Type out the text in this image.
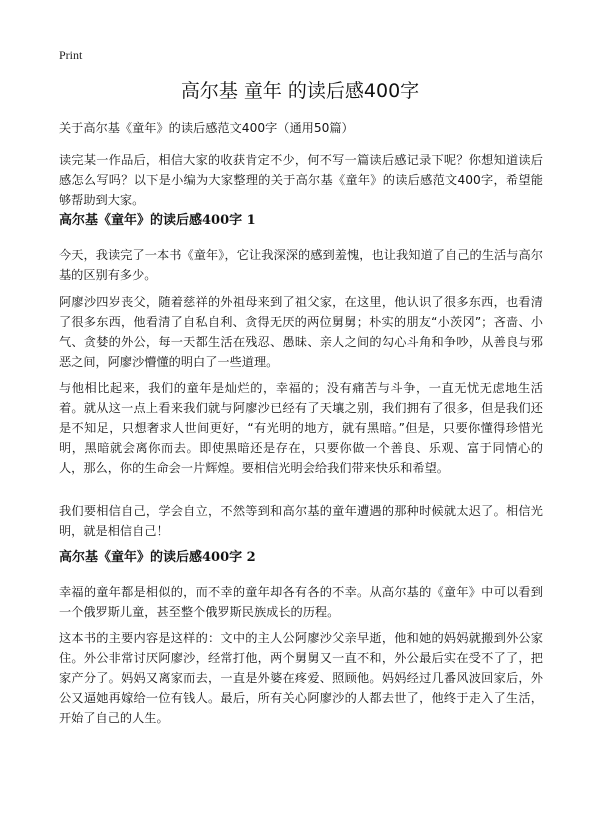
Print
高尔基 童年 的读后感400字

关于高尔基《童年》的读后感范文400字（通用50篇）

读完某一作品后，相信大家的收获肯定不少，何不写一篇读后感记录下呢？你想知道读后感怎么写吗？以下是小编为大家整理的关于高尔基《童年》的读后感范文400字，希望能够帮助到大家。

高尔基《童年》的读后感400字 1

今天，我读完了一本书《童年》，它让我深深的感到羞愧，也让我知道了自己的生活与高尔基的区别有多少。

阿廖沙四岁丧父，随着慈祥的外祖母来到了祖父家，在这里，他认识了很多东西，也看清了很多东西，他看清了自私自利、贪得无厌的两位舅舅；朴实的朋友“小茨冈”；吝啬、小气、贪婪的外公，每一天都生活在残忍、愚昧、亲人之间的勾心斗角和争吵，从善良与邪恶之间，阿廖沙懵懂的明白了一些道理。

与他相比起来，我们的童年是灿烂的，幸福的；没有痛苦与斗争，一直无忧无虑地生活着。就从这一点上看来我们就与阿廖沙已经有了天壤之别，我们拥有了很多，但是我们还是不知足，只想奢求人世间更好，“有光明的地方，就有黑暗。”但是，只要你懂得珍惜光明，黑暗就会离你而去。即使黑暗还是存在，只要你做一个善良、乐观、富于同情心的人，那么，你的生命会一片辉煌。要相信光明会给我们带来快乐和希望。

我们要相信自己，学会自立，不然等到和高尔基的童年遭遇的那种时候就太迟了。相信光明，就是相信自己！

高尔基《童年》的读后感400字 2

幸福的童年都是相似的，而不幸的童年却各有各的不幸。从高尔基的《童年》中可以看到一个俄罗斯儿童，甚至整个俄罗斯民族成长的历程。

这本书的主要内容是这样的：文中的主人公阿廖沙父亲早逝，他和她的妈妈就搬到外公家住。外公非常讨厌阿廖沙，经常打他，两个舅舅又一直不和，外公最后实在受不了了，把家产分了。妈妈又离家而去，一直是外婆在疼爱、照顾他。妈妈经过几番风波回家后，外公又逼她再嫁给一位有钱人。最后，所有关心阿廖沙的人都去世了，他终于走入了生活，开始了自己的人生。
